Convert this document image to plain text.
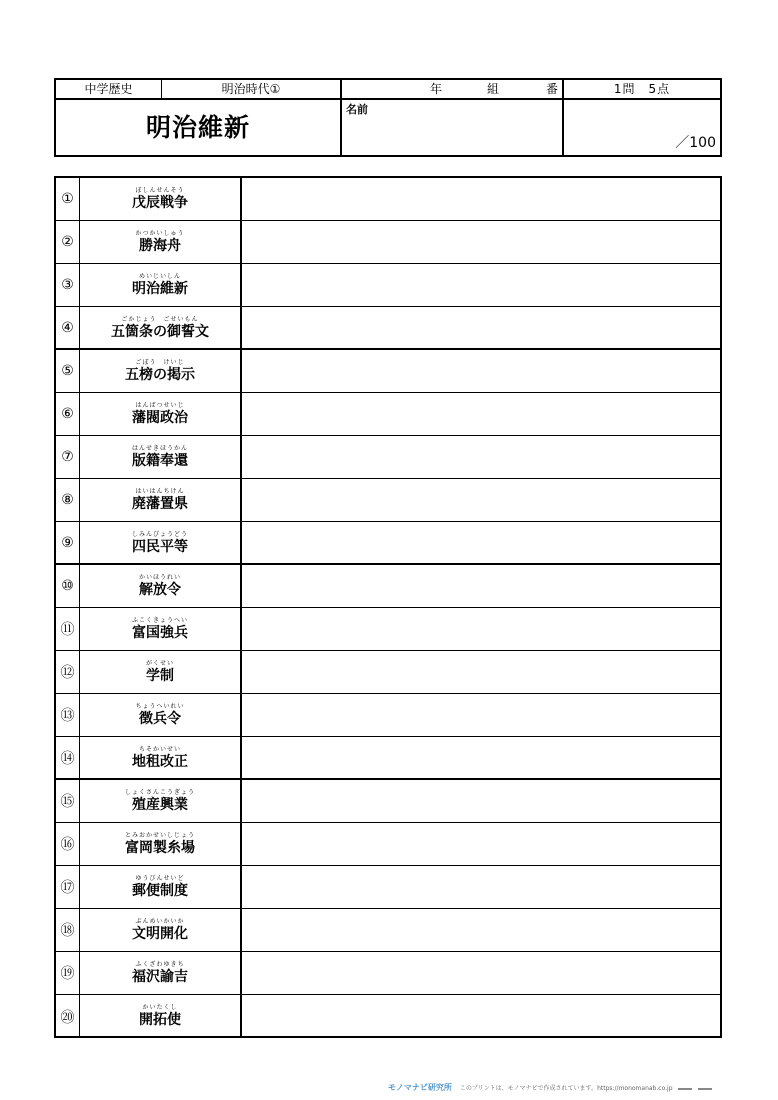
中学歴史	明治時代①	年	組	番	1問　5点
明治維新
名前
／100
①
ぼしんせんそう
戊辰戦争
②
かつかいしゅう
勝海舟
③
めいじいしん
明治維新
④	ごかじょう　ごせいもん
五箇条の御誓文
⑤
ごぼう　けいじ
五榜の掲示
⑥
はんばつせいじ
藩閥政治
⑦
はんせきほうかん
版籍奉還
⑧
はいはんちけん
廃藩置県
⑨	しみんびょうどう
四民平等
⑩
かいほうれい
解放令
⑪
ふこくきょうへい
富国強兵
⑫
がくせい
学制
⑬
ちょうへいれい
徴兵令
⑭
ちそかいせい
地租改正
⑮
しょくさんこうぎょう
殖産興業
⑯
とみおかせいしじょう
富岡製糸場
⑰
ゆうびんせいど
郵便制度
⑱
ぶんめいかいか
文明開化
⑲
ふくざわゆきち
福沢諭吉
⑳
かいたくし
開拓使
モノマナビ研究所 このプリントは、モノマナビで作成されています。https://monomanab.co.jp
